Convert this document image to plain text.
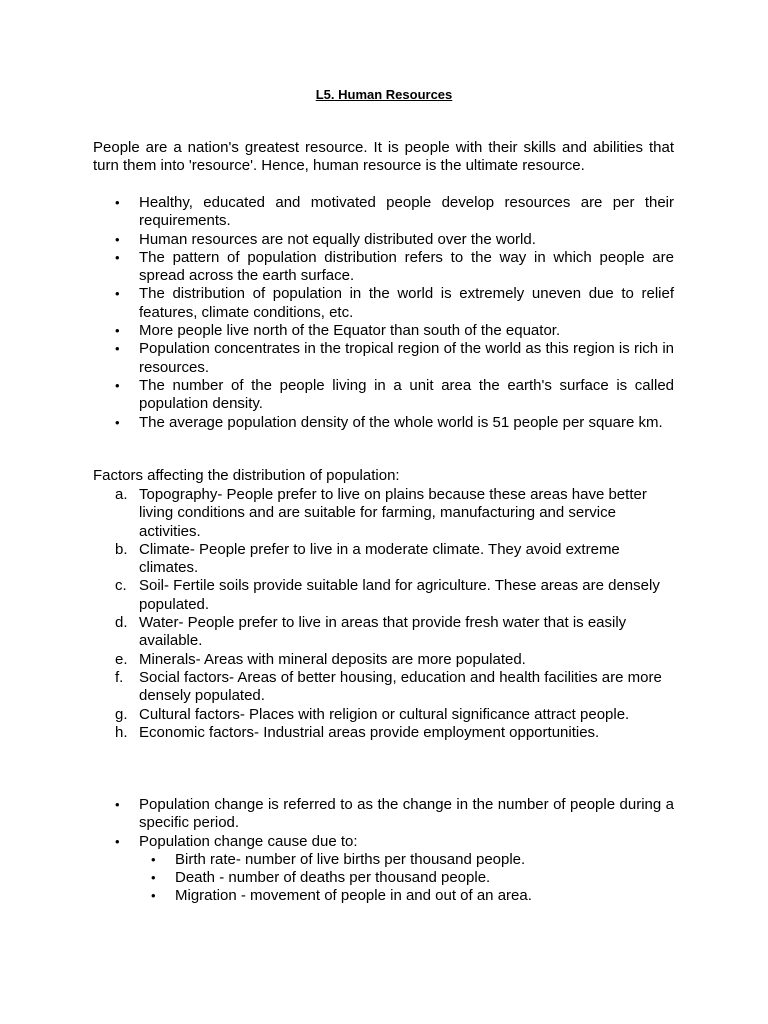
L5. Human Resources

People are a nation's greatest resource. It is people with their skills and abilities that turn them into 'resource'. Hence, human resource is the ultimate resource.

• Healthy, educated and motivated people develop resources are per their requirements.
• Human resources are not equally distributed over the world.
• The pattern of population distribution refers to the way in which people are spread across the earth surface.
• The distribution of population in the world is extremely uneven due to relief features, climate conditions, etc.
• More people live north of the Equator than south of the equator.
• Population concentrates in the tropical region of the world as this region is rich in resources.
• The number of the people living in a unit area the earth's surface is called population density.
• The average population density of the whole world is 51 people per square km.

Factors affecting the distribution of population:

a. Topography- People prefer to live on plains because these areas have better living conditions and are suitable for farming, manufacturing and service activities.
b. Climate- People prefer to live in a moderate climate. They avoid extreme climates.
c. Soil- Fertile soils provide suitable land for agriculture. These areas are densely populated.
d. Water- People prefer to live in areas that provide fresh water that is easily available.
e. Minerals- Areas with mineral deposits are more populated.
f. Social factors- Areas of better housing, education and health facilities are more densely populated.
g. Cultural factors- Places with religion or cultural significance attract people.
h. Economic factors- Industrial areas provide employment opportunities.
• Population change is referred to as the change in the number of people during a specific period.
• Population change cause due to:
• Birth rate- number of live births per thousand people.
• Death - number of deaths per thousand people.
• Migration - movement of people in and out of an area.
